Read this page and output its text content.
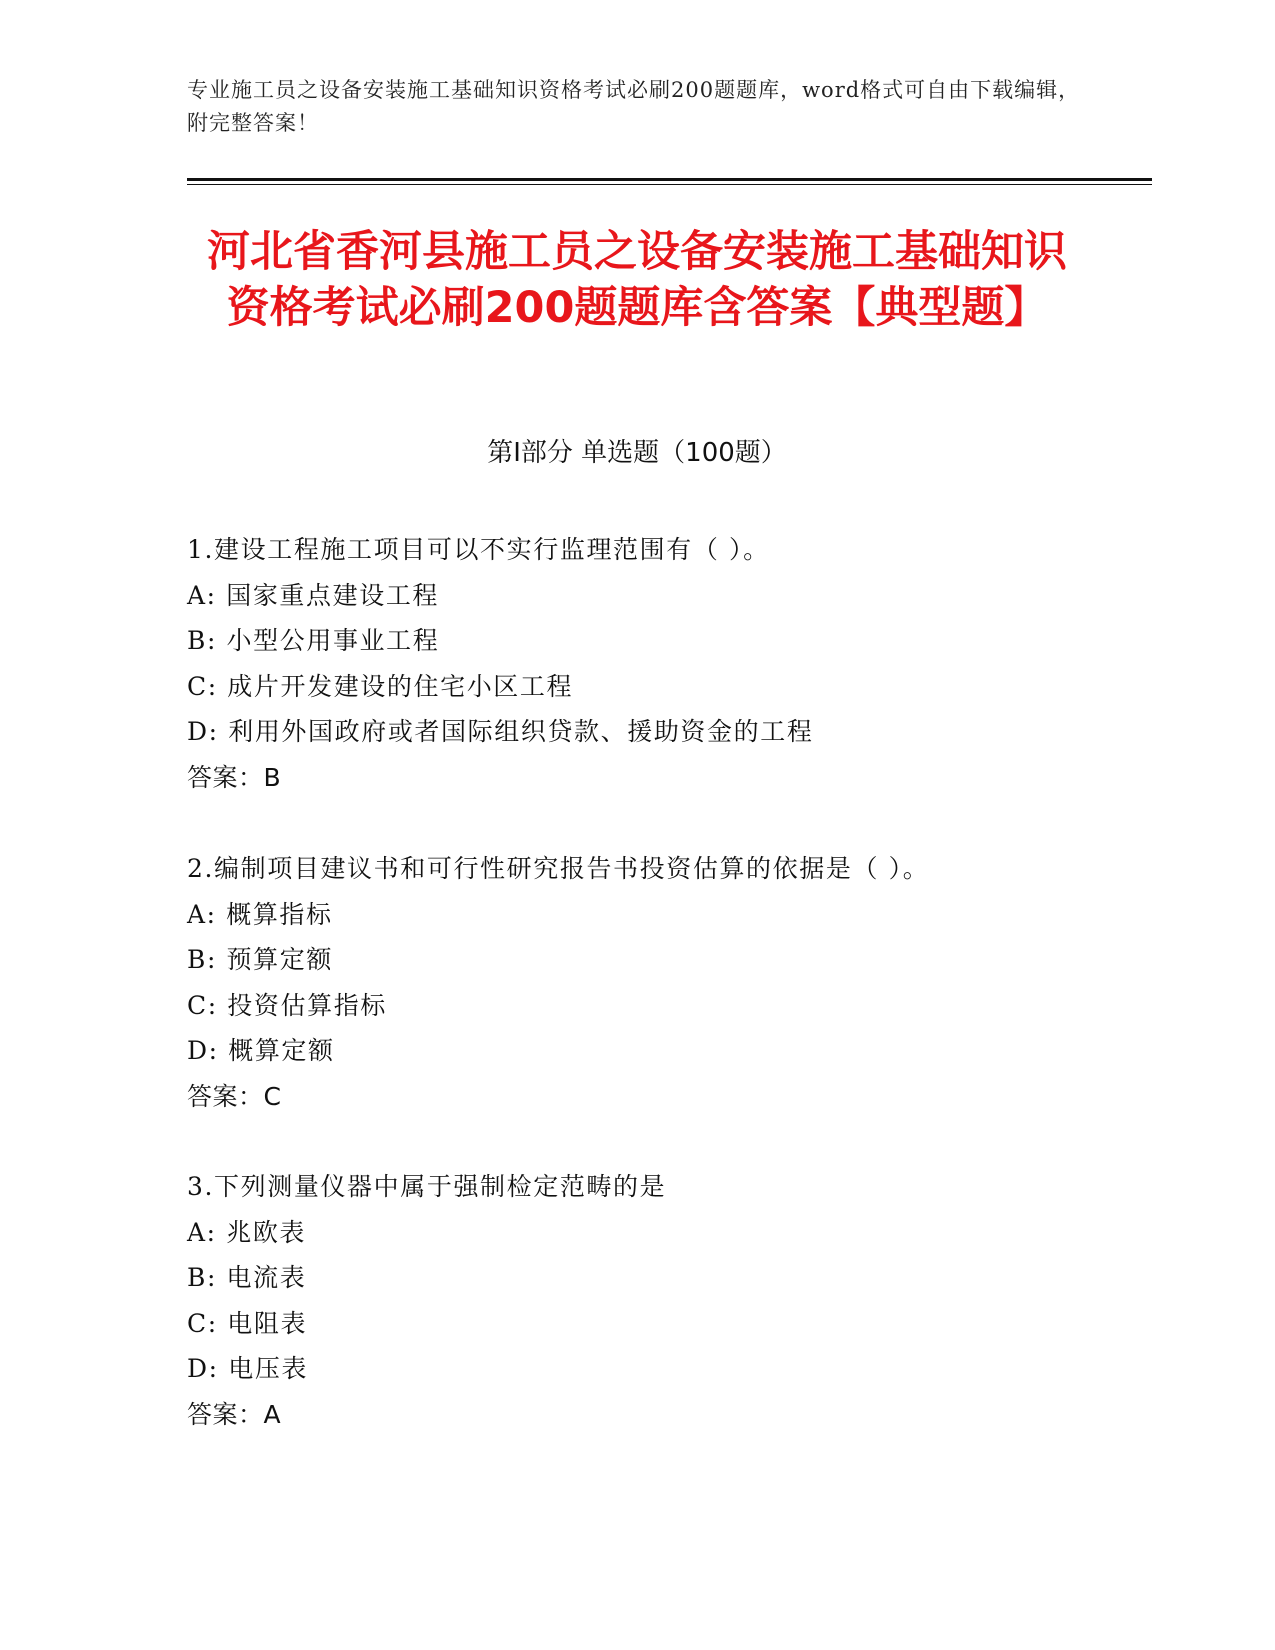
专业施工员之设备安装施工基础知识资格考试必刷200题题库，word格式可自由下载编辑，附完整答案！
河北省香河县施工员之设备安装施工基础知识资格考试必刷200题题库含答案【典型题】
第I部分 单选题（100题）
1.建设工程施工项目可以不实行监理范围有（ ）。
A: 国家重点建设工程
B: 小型公用事业工程
C: 成片开发建设的住宅小区工程
D: 利用外国政府或者国际组织贷款、援助资金的工程
答案：B
2.编制项目建议书和可行性研究报告书投资估算的依据是（ ）。
A: 概算指标
B: 预算定额
C: 投资估算指标
D: 概算定额
答案：C
3.下列测量仪器中属于强制检定范畴的是
A: 兆欧表
B: 电流表
C: 电阻表
D: 电压表
答案：A
